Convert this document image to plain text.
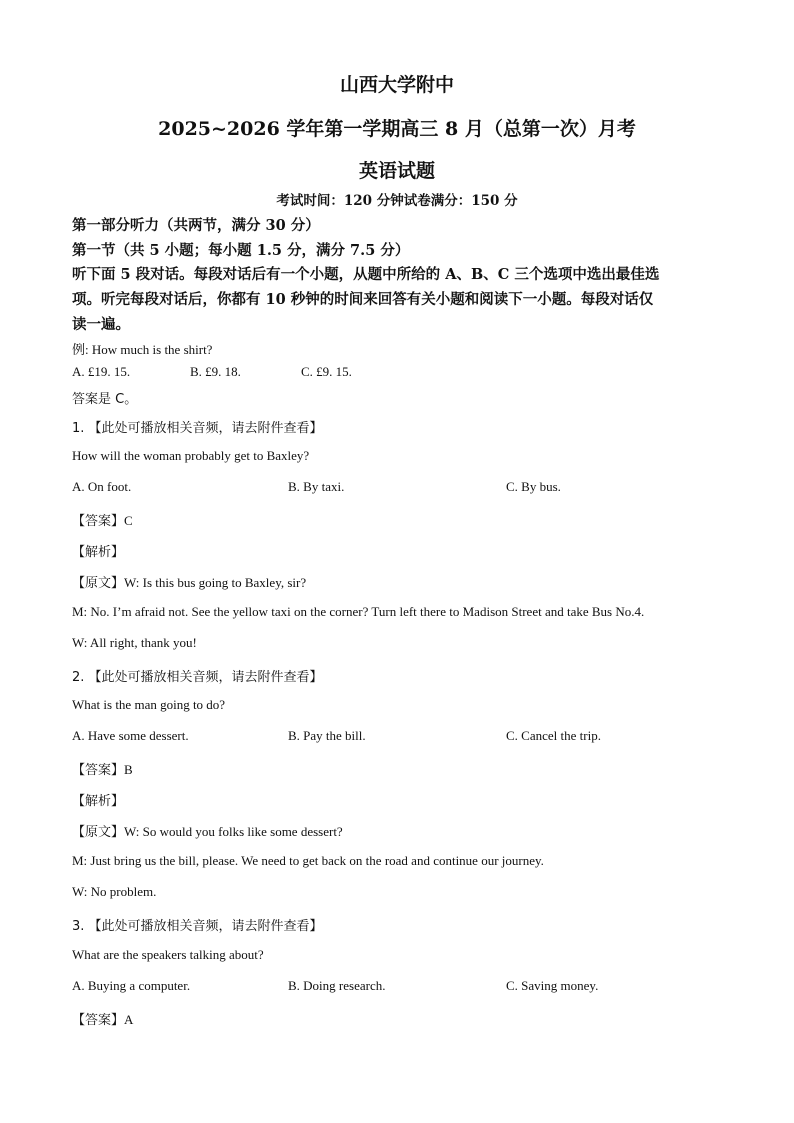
山西大学附中
2025~2026 学年第一学期高三 8 月（总第一次）月考
英语试题
考试时间：120 分钟试卷满分：150 分
第一部分听力（共两节，满分 30 分）
第一节（共 5 小题；每小题 1.5 分，满分 7.5 分）
听下面 5 段对话。每段对话后有一个小题，从题中所给的 A、B、C 三个选项中选出最佳选
项。听完每段对话后，你都有 10 秒钟的时间来回答有关小题和阅读下一小题。每段对话仅
读一遍。
例: How much is the shirt?
A. £19. 15.	B. £9. 18.	C. £9. 15.
答案是 C。
1. 【此处可播放相关音频，请去附件查看】
How will the woman probably get to Baxley?
A. On foot.	B. By taxi.	C. By bus.
【答案】C
【解析】
【原文】W: Is this bus going to Baxley, sir?
M: No. I’m afraid not. See the yellow taxi on the corner? Turn left there to Madison Street and take Bus No.4.
W: All right, thank you!
2. 【此处可播放相关音频，请去附件查看】
What is the man going to do?
A. Have some dessert.	B. Pay the bill.	C. Cancel the trip.
【答案】B
【解析】
【原文】W: So would you folks like some dessert?
M: Just bring us the bill, please. We need to get back on the road and continue our journey.
W: No problem.
3. 【此处可播放相关音频，请去附件查看】
What are the speakers talking about?
A. Buying a computer.	B. Doing research.	C. Saving money.
【答案】A
